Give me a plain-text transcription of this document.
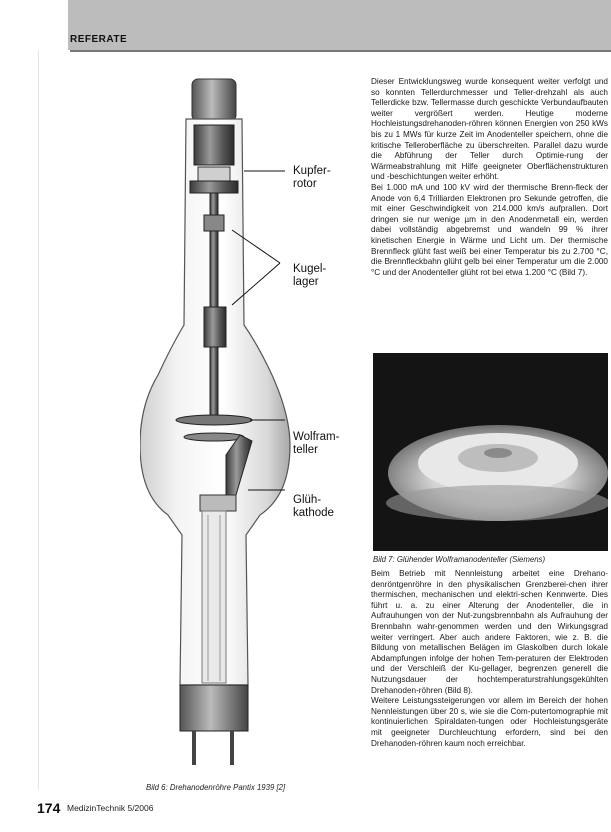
REFERATE
Kupfer-
rotor
Kugel-
lager
Wolfram-
teller
Glüh-
kathode

Dieser Entwicklungsweg wurde konsequent weiter verfolgt und so konnten Tellerdurchmesser und Teller-drehzahl als auch Tellerdicke bzw. Tellermasse durch geschickte Verbundaufbauten weiter vergrößert werden. Heutige moderne Hochleistungsdrehanoden-röhren können Energien von 250 kWs bis zu 1 MWs für kurze Zeit im Anodenteller speichern, ohne die kritische Telleroberfläche zu überschreiten. Parallel dazu wurde die Abführung der Teller durch Optimie-rung der Wärmeabstrahlung mit Hilfe geeigneter Oberflächenstrukturen und -beschichtungen weiter erhöht.

Bei 1.000 mA und 100 kV wird der thermische Brenn-fleck der Anode von 6,4 Trilliarden Elektronen pro Sekunde getroffen, die mit einer Geschwindigkeit von 214.000 km/s aufprallen. Dort dringen sie nur wenige µm in den Anodenmetall ein, werden dabei vollständig abgebremst und wandeln 99 % ihrer kinetischen Energie in Wärme und Licht um. Der thermische Brennfleck glüht fast weiß bei einer Temperatur bis zu 2.700 °C, die Brennfleckbahn glüht gelb bei einer Temperatur um die 2.000 °C und der Anodenteller glüht rot bei etwa 1.200 °C (Bild 7).

Bild 7: Glühender Wolframanodenteller (Siemens)

Beim Betrieb mit Nennleistung arbeitet eine Drehano-denröntgenröhre in den physikalischen Grenzberei-chen ihrer thermischen, mechanischen und elektri-schen Kennwerte. Dies führt u. a. zu einer Alterung der Anodenteller, die in Aufrauhungen von der Nut-zungsbrennbahn als Aufrauhung der Brennbahn wahr-genommen werden und den Wirkungsgrad weiter verringert. Aber auch andere Faktoren, wie z. B. die Bildung von metallischen Belägen im Glaskolben durch lokale Abdampfungen infolge der hohen Tem-peraturen der Elektroden und der Verschleiß der Ku-gellager, begrenzen generell die Nutzungsdauer der hochtemperaturstrahlungsgekühlten Drehanoden-röhren (Bild 8).

Weitere Leistungssteigerungen vor allem im Bereich der hohen Nennleistungen über 20 s, wie sie die Com-putertomographie mit kontinuierlichen Spiraldaten-tungen oder Hochleistungsgeräte mit geeigneter Durchleuchtung erfordern, sind bei den Drehanoden-röhren kaum noch erreichbar.

Bild 6: Drehanodenröhre Pantix 1939 [2]
174 MedizinTechnik 5/2006
